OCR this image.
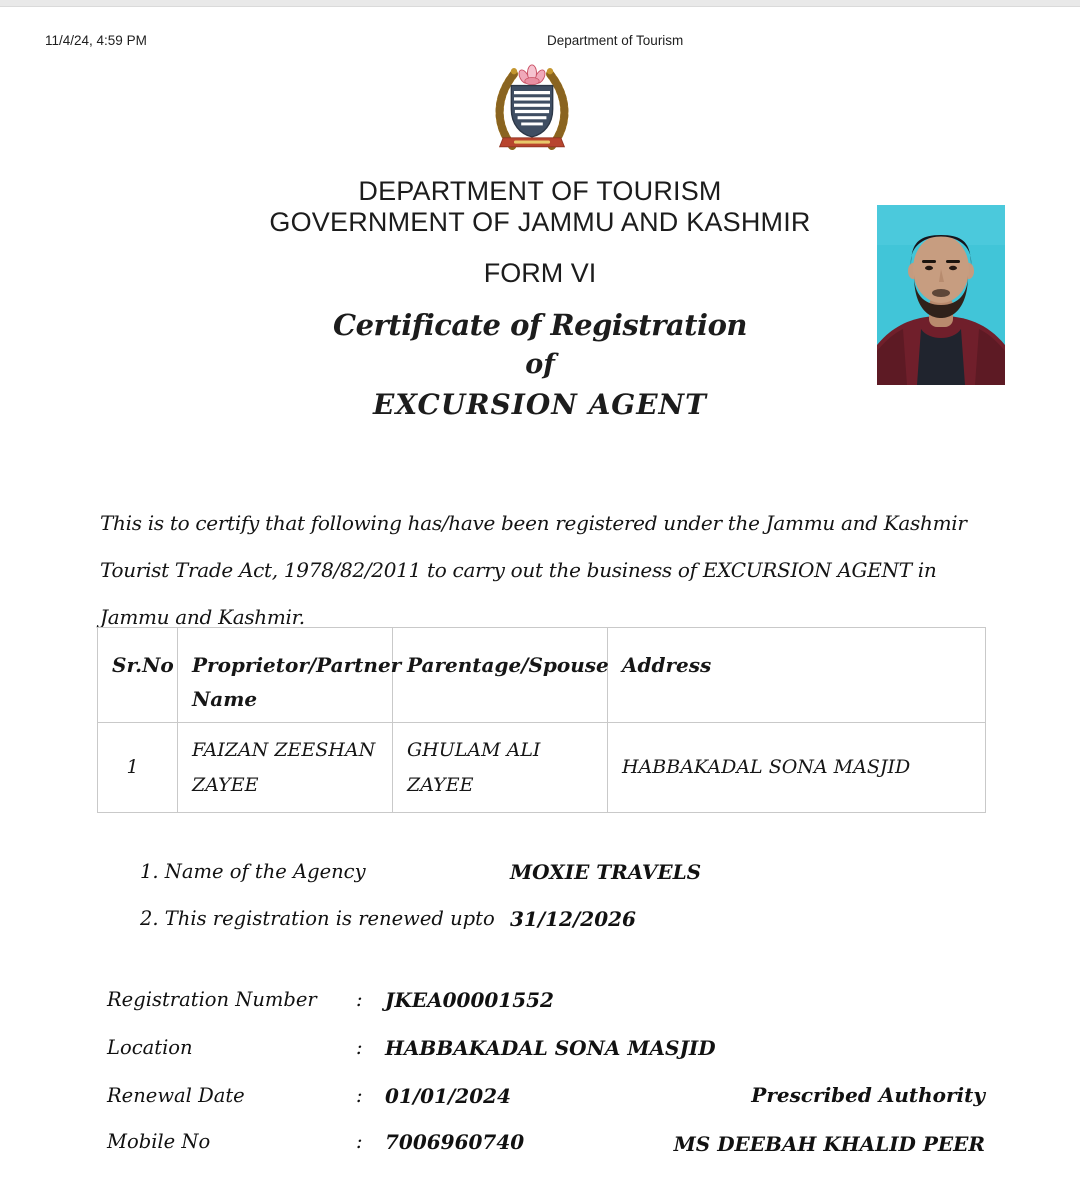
11/4/24, 4:59 PM	Department of Tourism
DEPARTMENT OF TOURISM
GOVERNMENT OF JAMMU AND KASHMIR
FORM VI
Certificate of Registration
of
EXCURSION AGENT
This is to certify that following has/have been registered under the Jammu and Kashmir
Tourist Trade Act, 1978/82/2011 to carry out the business of EXCURSION AGENT in
Jammu and Kashmir.
Sr.No	Proprietor/Partner Name	Parentage/Spouse	Address
1	FAIZAN ZEESHAN ZAYEE	GHULAM ALI ZAYEE	HABBAKADAL SONA MASJID
1. Name of the Agency	MOXIE TRAVELS
2. This registration is renewed upto 31/12/2026
Registration Number : JKEA00001552
Location	: HABBAKADAL SONA MASJID
Renewal Date	: 01/01/2024
Mobile No	: 7006960740
Prescribed Authority
MS DEEBAH KHALID PEER
